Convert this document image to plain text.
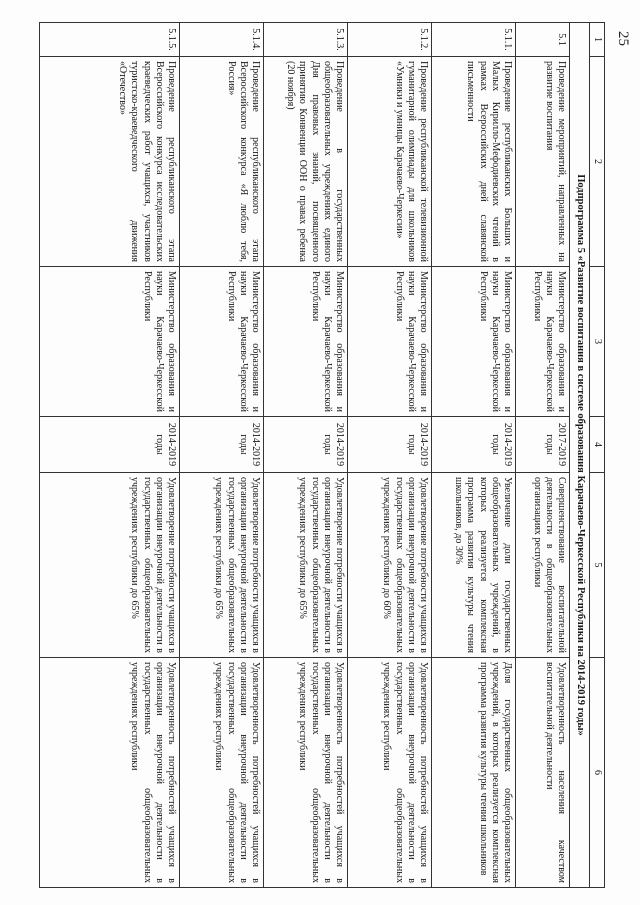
25
1	2	3	4	5	6
Подпрограмма 5 «Развитие воспитания в системе образования Карачаево-Черкесской Республики на 2014-2019 годы»					
5.1	Проведение мероприятий, направленных на развитие воспитания	Министерство образования и науки Карачаево-Черкесской Республики	2017-2019 годы	Совершенствование воспитательной деятельности в общеобразовательных организациях республики	Удовлетворенность населения качеством воспитательной деятельности
5.1.1.	Проведение республиканских Больших и Малых Кирилло-Мефодиевских чтений в рамках Всероссийских дней славянской письменности	Министерство образования и науки Карачаево-Черкесской Республики	2014-2019 годы	Увеличение доли государственных общеобразовательных учреждений, в которых реализуется комплексная программа развития культуры чтения школьников, до 30%	Доля государственных общеобразовательных учреждений, в которых реализуется комплексная программа развития культуры чтения школьников
5.1.2.	Проведение республиканской телевизионной гуманитарной олимпиады для школьников «Умники и умницы Карачаево-Черкесии»	Министерство образования и науки Карачаево-Черкесской Республики	2014-2019 годы	Удовлетворение потребности учащихся в организации внеурочной деятельности в государственных общеобразовательных учреждениях республики до 60%	Удовлетворенность потребностей учащихся в организации внеурочной деятельности в государственных общеобразовательных учреждениях республики
5.1.3.	Проведение в государственных общеобразовательных учреждениях единого Дня правовых знаний, посвященного принятию Конвенции ООН о правах ребенка (20 ноября)	Министерство образования и науки Карачаево-Черкесской Республики	2014-2019 годы	Удовлетворение потребности учащихся в организации внеурочной деятельности в государственных общеобразовательных учреждениях республики до 65%	Удовлетворенность потребностей учащихся в организации внеурочной деятельности в государственных общеобразовательных учреждениях республики
5.1.4.	Проведение республиканского этапа Всероссийского конкурса «Я люблю тебя, Россия»	Министерство образования и науки Карачаево-Черкесской Республики	2014-2019 годы	Удовлетворение потребности учащихся в организации внеурочной деятельности в государственных общеобразовательных учреждениях республики до 65%	Удовлетворенность потребностей учащихся в организации внеурочной деятельности в государственных общеобразовательных учреждениях республики
5.1.5.	Проведение республиканского этапа Всероссийского конкурса исследовательских краеведческих работ учащихся, участников туристско-краеведческого движения «Отечество»	Министерство образования и науки Карачаево-Черкесской Республики	2014-2019 годы	Удовлетворение потребности учащихся в организации внеурочной деятельности в государственных общеобразовательных учреждениях республики до 65%	Удовлетворенность потребностей учащихся в организации внеурочной деятельности в государственных общеобразовательных учреждениях республики
